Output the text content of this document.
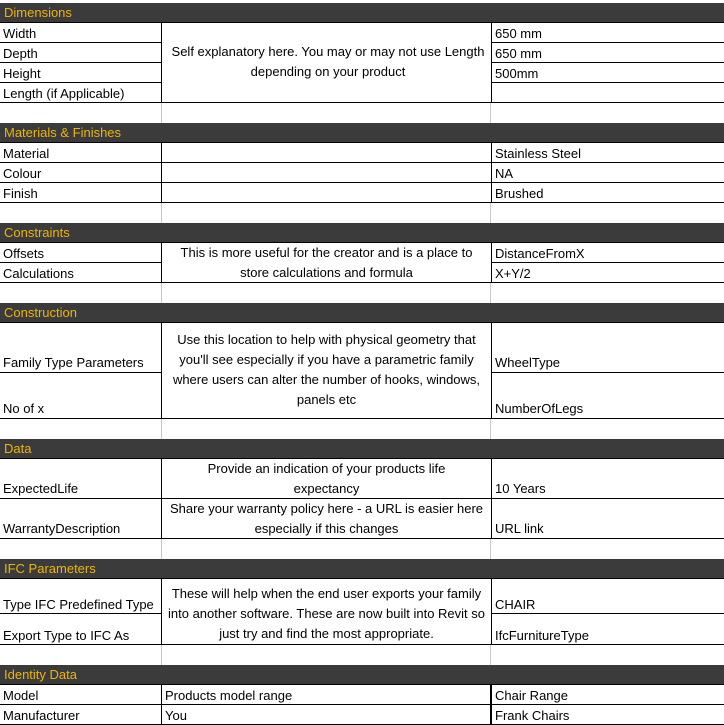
Dimensions
Width
Depth
Height
Length (if Applicable)
Self explanatory here. You may or may not use Length depending on your product
650 mm
650 mm
500mm
Materials & Finishes
Material
Colour
Finish
Stainless Steel
NA
Brushed
Constraints
Offsets
Calculations
This is more useful for the creator and is a place to store calculations and formula
DistanceFromX
X+Y/2
Construction
Family Type Parameters
No of x
Use this location to help with physical geometry that you'll see especially if you have a parametric family where users can alter the number of hooks, windows, panels etc
WheelType
NumberOfLegs
Data
ExpectedLife
WarrantyDescription
Provide an indication of your products life expectancy
Share your warranty policy here - a URL is easier here especially if this changes
10 Years
URL link
IFC Parameters
Type IFC Predefined Type
Export Type to IFC As
These will help when the end user exports your family into another software. These are now built into Revit so just try and find the most appropriate.
CHAIR
IfcFurnitureType
Identity Data
Model
Manufacturer
Products model range
You
Chair Range
Frank Chairs
